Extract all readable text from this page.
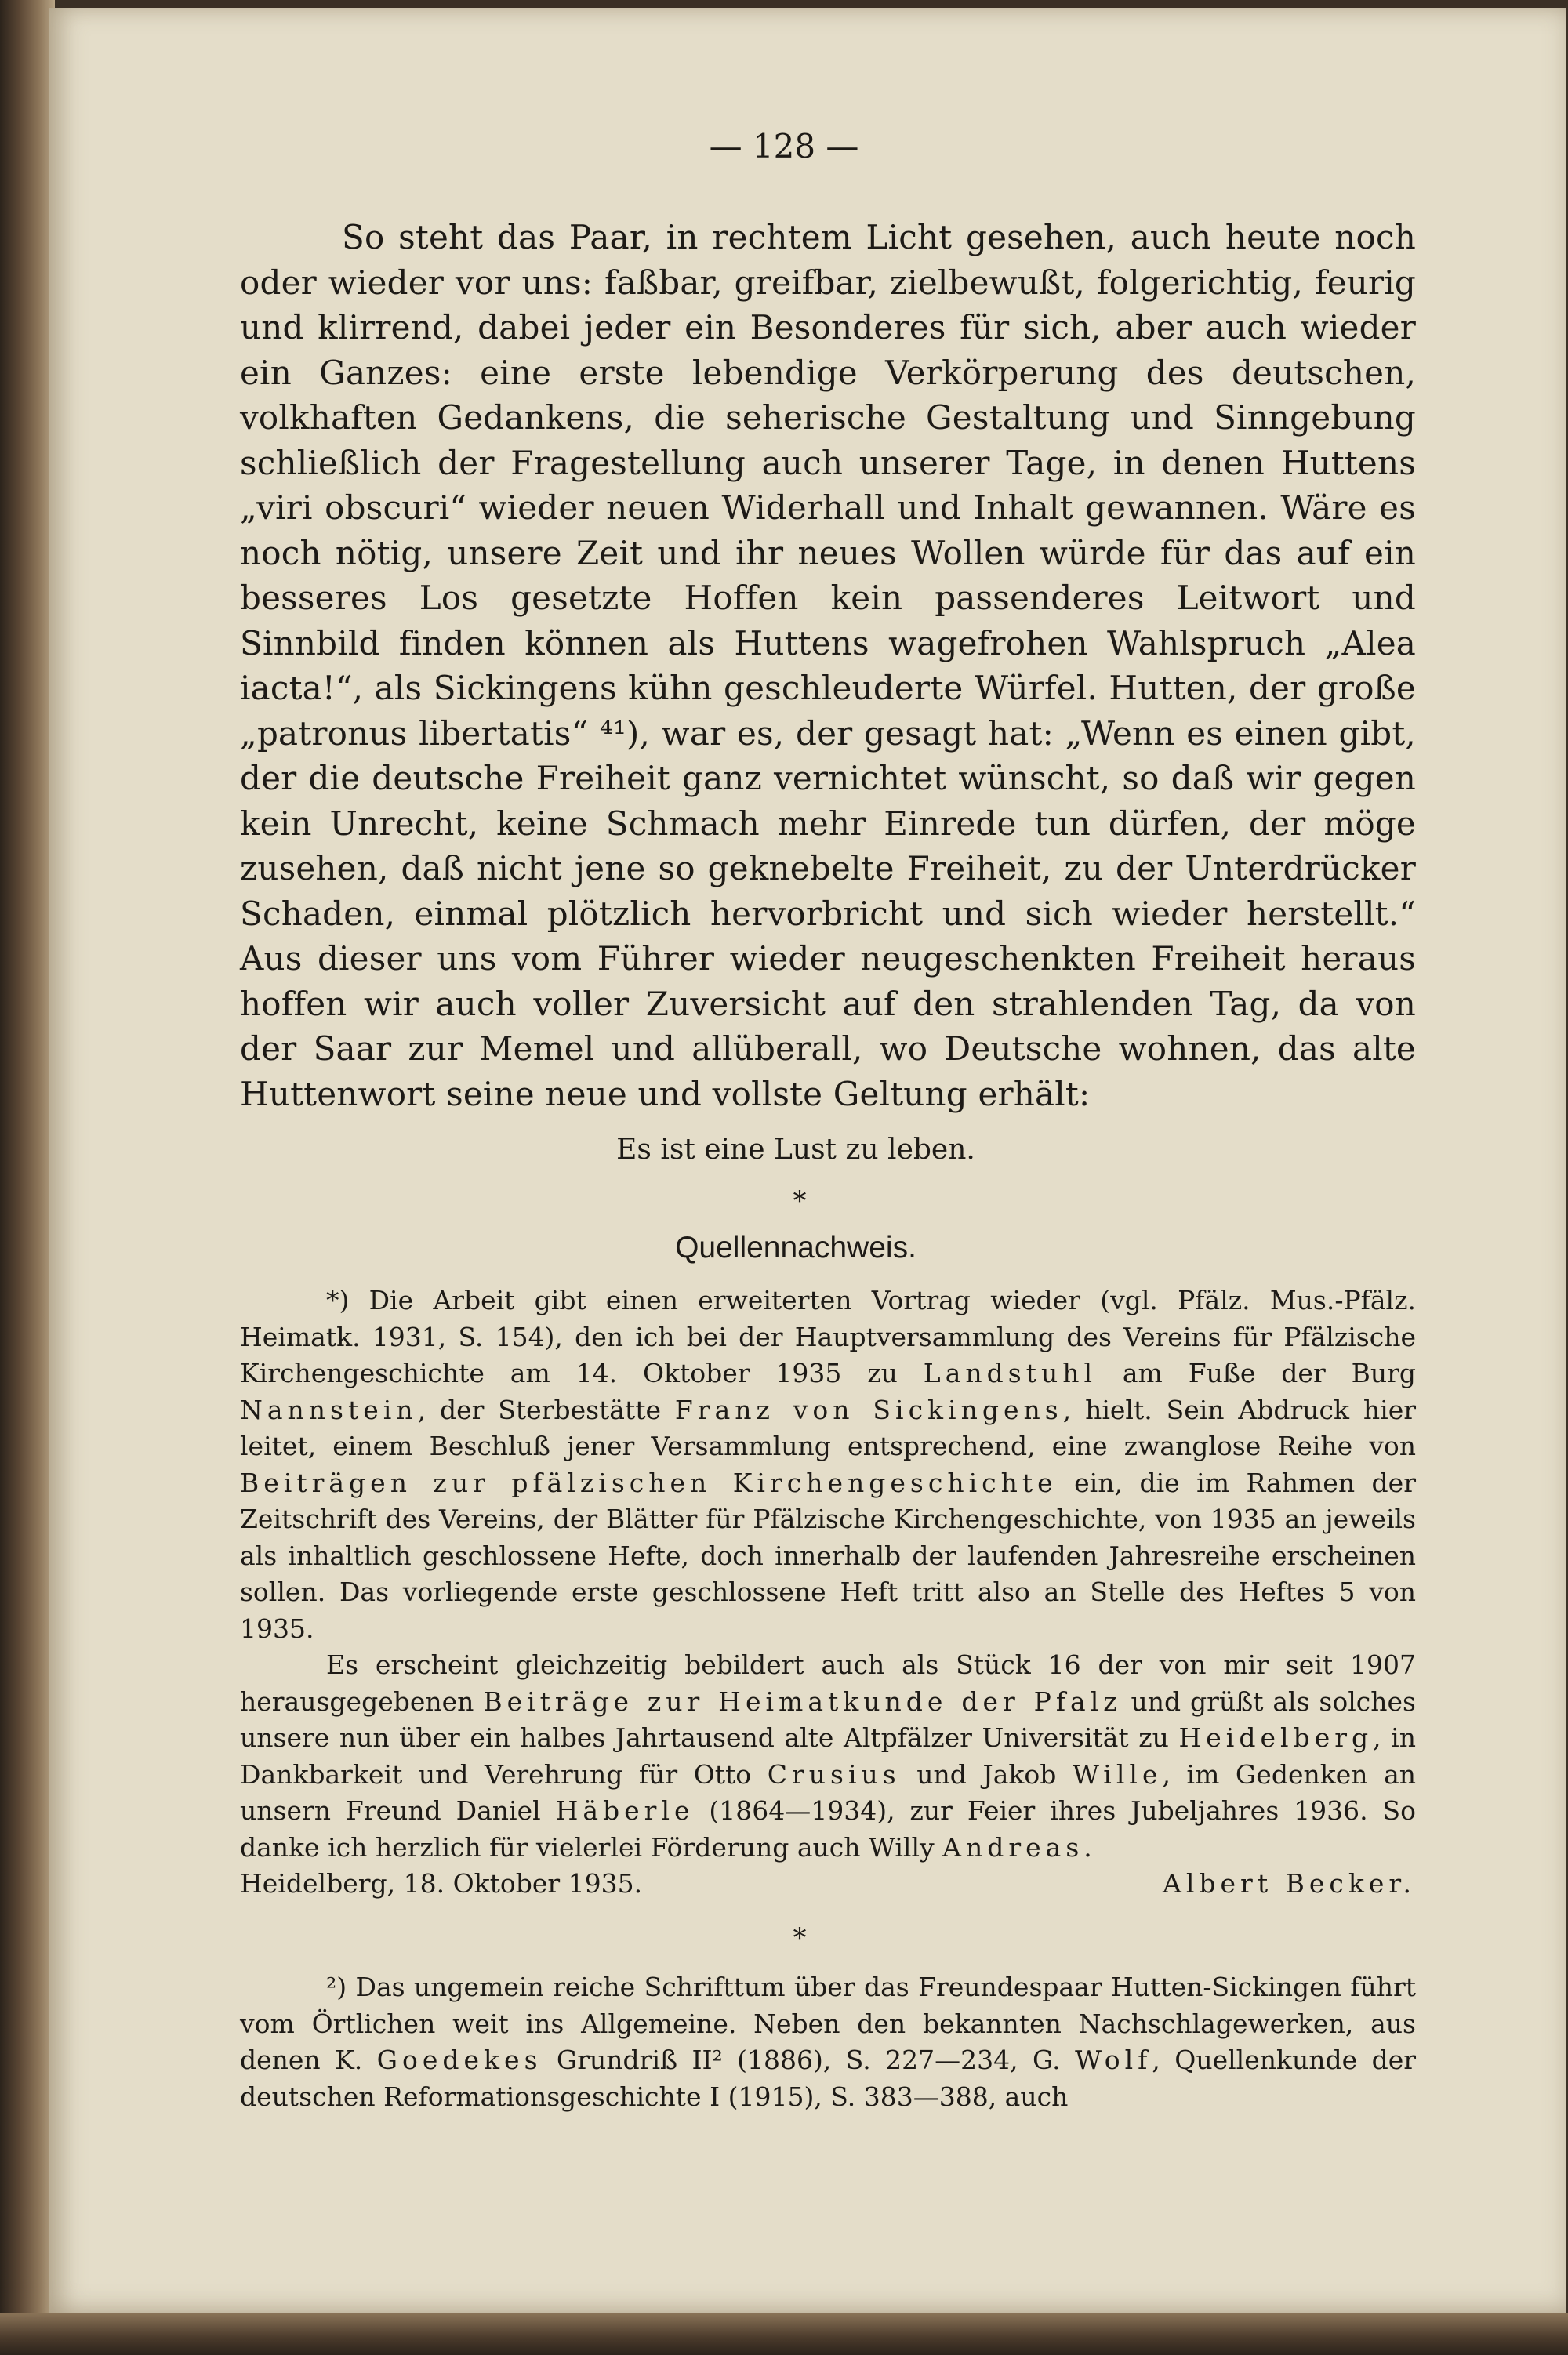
— 128 —

So steht das Paar, in rechtem Licht gesehen, auch heute noch oder wieder vor uns: faßbar, greifbar, zielbewußt, folgerichtig, feurig und klirrend, dabei jeder ein Besonderes für sich, aber auch wieder ein Ganzes: eine erste lebendige Verkörperung des deutschen, volkhaften Gedankens, die seherische Gestaltung und Sinngebung schließlich der Fragestellung auch unserer Tage, in denen Huttens „viri obscuri“ wieder neuen Widerhall und Inhalt gewannen. Wäre es noch nötig, unsere Zeit und ihr neues Wollen würde für das auf ein besseres Los gesetzte Hoffen kein passenderes Leitwort und Sinnbild finden können als Huttens wagefrohen Wahlspruch „Alea iacta!“, als Sickingens kühn geschleuderte Würfel. Hutten, der große „patronus libertatis“ ⁴¹), war es, der gesagt hat: „Wenn es einen gibt, der die deutsche Freiheit ganz vernichtet wünscht, so daß wir gegen kein Unrecht, keine Schmach mehr Einrede tun dürfen, der möge zusehen, daß nicht jene so geknebelte Freiheit, zu der Unterdrücker Schaden, einmal plötzlich hervorbricht und sich wieder herstellt.“ Aus dieser uns vom Führer wieder neugeschenkten Freiheit heraus hoffen wir auch voller Zuversicht auf den strahlenden Tag, da von der Saar zur Memel und allüberall, wo Deutsche wohnen, das alte Huttenwort seine neue und vollste Geltung erhält:

Es ist eine Lust zu leben.
*
Quellennachweis.

*) Die Arbeit gibt einen erweiterten Vortrag wieder (vgl. Pfälz. Mus.-Pfälz. Heimatk. 1931, S. 154), den ich bei der Hauptversammlung des Vereins für Pfälzische Kirchengeschichte am 14. Oktober 1935 zu Landstuhl am Fuße der Burg Nannstein, der Sterbestätte Franz von Sickingens, hielt. Sein Abdruck hier leitet, einem Beschluß jener Versammlung entsprechend, eine zwanglose Reihe von Beiträgen zur pfälzischen Kirchengeschichte ein, die im Rahmen der Zeitschrift des Vereins, der Blätter für Pfälzische Kirchengeschichte, von 1935 an jeweils als inhaltlich geschlossene Hefte, doch innerhalb der laufenden Jahresreihe erscheinen sollen. Das vorliegende erste geschlossene Heft tritt also an Stelle des Heftes 5 von 1935.

Es erscheint gleichzeitig bebildert auch als Stück 16 der von mir seit 1907 herausgegebenen Beiträge zur Heimatkunde der Pfalz und grüßt als solches unsere nun über ein halbes Jahrtausend alte Altpfälzer Universität zu Heidelberg, in Dankbarkeit und Verehrung für Otto Crusius und Jakob Wille, im Gedenken an unsern Freund Daniel Häberle (1864—1934), zur Feier ihres Jubeljahres 1936. So danke ich herzlich für vielerlei Förderung auch Willy Andreas.

Heidelberg, 18. Oktober 1935.	Albert Becker.
*

²) Das ungemein reiche Schrifttum über das Freundespaar Hutten-Sickingen führt vom Örtlichen weit ins Allgemeine. Neben den bekannten Nachschlagewerken, aus denen K. Goedekes Grundriß II² (1886), S. 227—234, G. Wolf, Quellenkunde der deutschen Reformationsgeschichte I (1915), S. 383—388, auch
